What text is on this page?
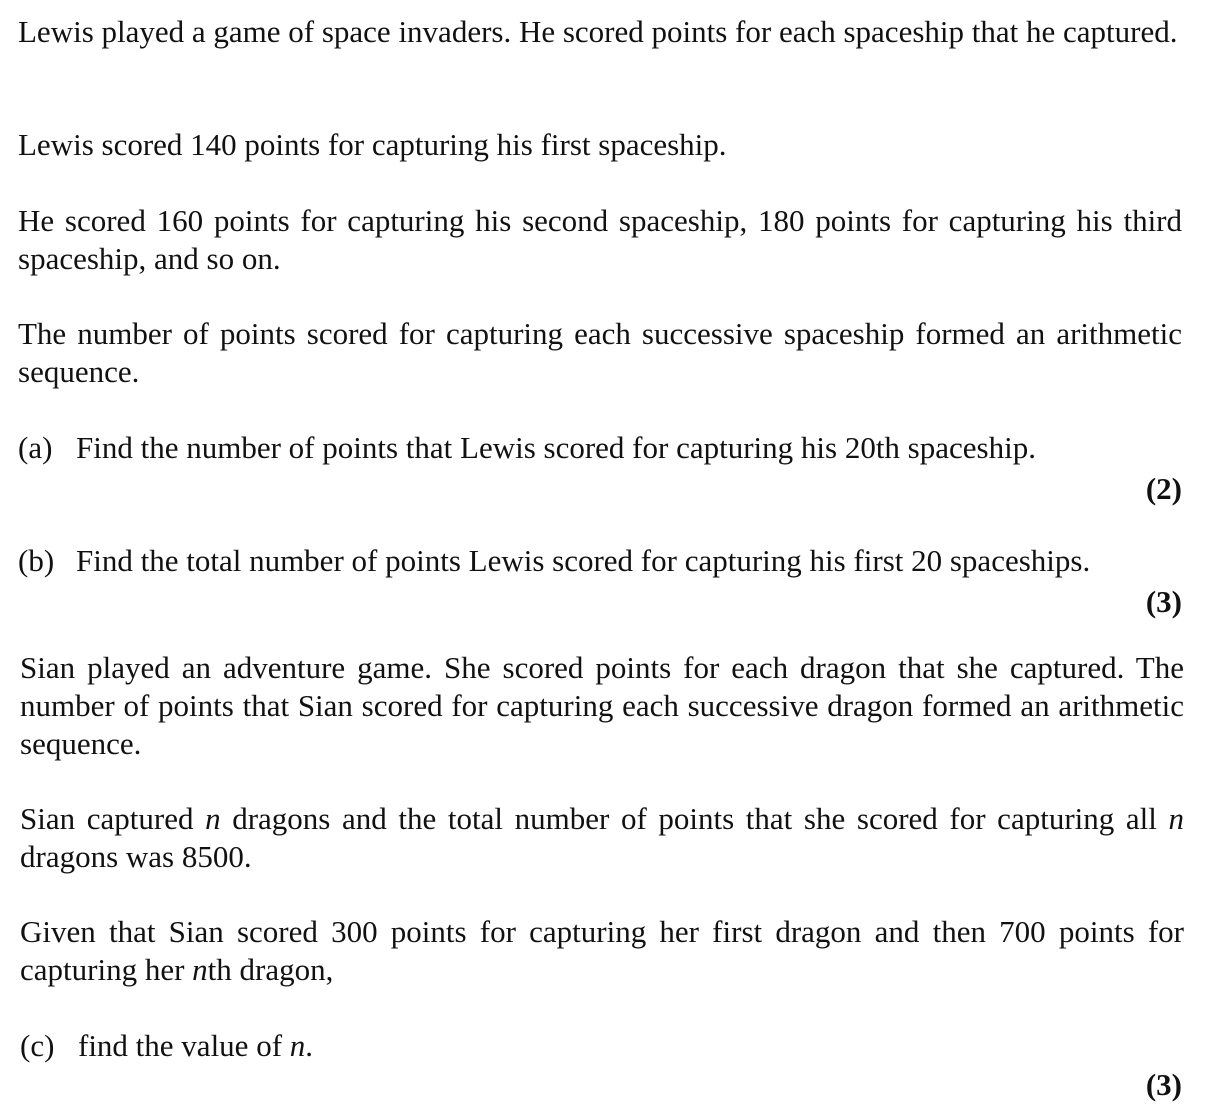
Lewis played a game of space invaders. He scored points for each spaceship that he captured.

Lewis scored 140 points for capturing his first spaceship.

He scored 160 points for capturing his second spaceship, 180 points for capturing his third spaceship, and so on.

The number of points scored for capturing each successive spaceship formed an arithmetic sequence.

(a) Find the number of points that Lewis scored for capturing his 20th spaceship.

(2)

(b) Find the total number of points Lewis scored for capturing his first 20 spaceships.

(3)

Sian played an adventure game. She scored points for each dragon that she captured. The number of points that Sian scored for capturing each successive dragon formed an arithmetic sequence.

Sian captured n dragons and the total number of points that she scored for capturing all n dragons was 8500.

Given that Sian scored 300 points for capturing her first dragon and then 700 points for capturing her nth dragon,

(c) find the value of n.

(3)
